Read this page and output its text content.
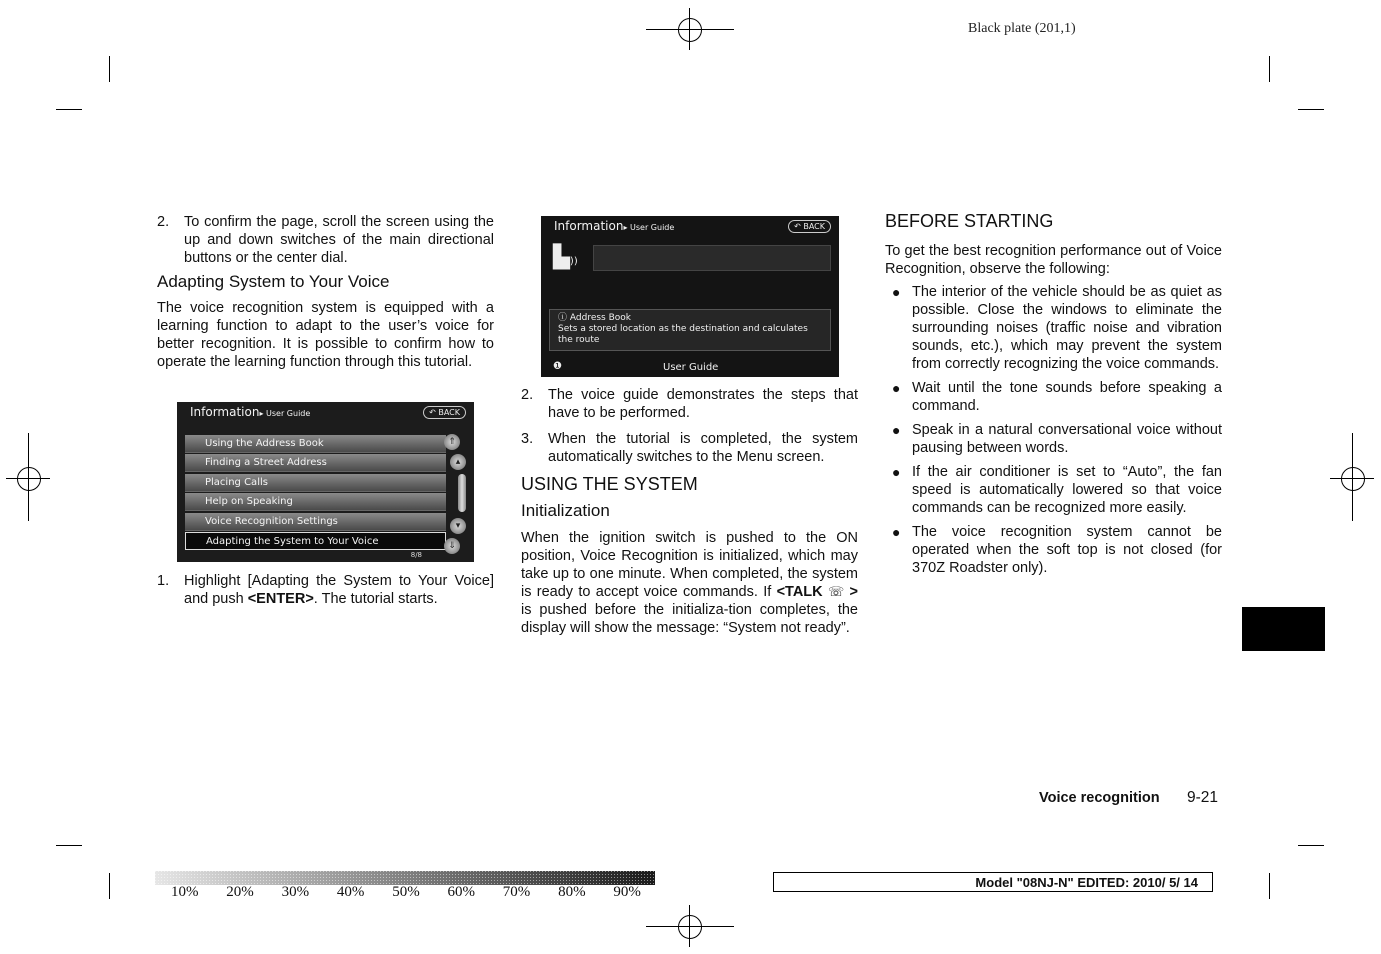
Black plate (201,1)
2. To confirm the page, scroll the screen using the up and down switches of the main directional buttons or the center dial.
Adapting System to Your Voice

The voice recognition system is equipped with a learning function to adapt to the user’s voice for better recognition. It is possible to confirm how to operate the learning function through this tutorial.

Information▸ User Guide	↶ BACK
Using the Address Book
Finding a Street Address
Placing Calls
Help on Speaking
Voice Recognition Settings
Adapting the System to Your Voice
⇑
▴
▾
⇓
8/8
1. Highlight [Adapting the System to Your Voice] and push <ENTER>. The tutorial starts.
Information▸ User Guide	↶ BACK
▙))
ⓘ Address Book
Sets a stored location as the destination and calculates the route
❶	User Guide
2. The voice guide demonstrates the steps that have to be performed.
3. When the tutorial is completed, the system automatically switches to the Menu screen.
USING THE SYSTEM
Initialization

When the ignition switch is pushed to the ON position, Voice Recognition is initialized, which may take up to one minute. When completed, the system is ready to accept voice commands. If <TALK ☏ > is pushed before the initializa-tion completes, the display will show the message: “System not ready”.

BEFORE STARTING

To get the best recognition performance out of Voice Recognition, observe the following:

● The interior of the vehicle should be as quiet as possible. Close the windows to eliminate the surrounding noises (traffic noise and vibration sounds, etc.), which may prevent the system from correctly recognizing the voice commands.
● Wait until the tone sounds before speaking a command.
● Speak in a natural conversational voice without pausing between words.
● If the air conditioner is set to “Auto”, the fan speed is automatically lowered so that voice commands can be recognized more easily.
● The voice recognition system cannot be operated when the soft top is not closed (for 370Z Roadster only).
Voice recognition 9-21
10% 20% 30% 40% 50% 60% 70% 80% 90%
Model "08NJ-N" EDITED: 2010/ 5/ 14
